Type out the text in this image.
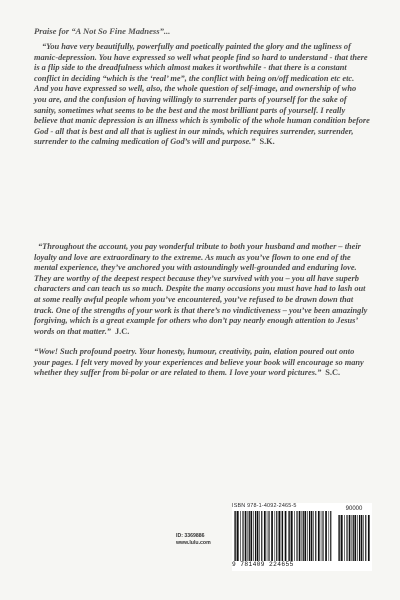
Praise for “A Not So Fine Madness”...

“You have very beautifully, powerfully and poetically painted the glory and the ugliness of manic-depression. You have expressed so well what people find so hard to understand - that there is a flip side to the dreadfulness which almost makes it worthwhile - that there is a constant conflict in deciding “which is the ‘real’ me”, the conflict with being on/off medication etc etc. And you have expressed so well, also, the whole question of self-image, and ownership of who you are, and the confusion of having willingly to surrender parts of yourself for the sake of sanity, sometimes what seems to be the best and the most brilliant parts of yourself. I really believe that manic depression is an illness which is symbolic of the whole human condition before God - all that is best and all that is ugliest in our minds, which requires surrender, surrender, surrender to the calming medication of God’s will and purpose.” S.K.

“Throughout the account, you pay wonderful tribute to both your husband and mother – their loyalty and love are extraordinary to the extreme. As much as you’ve flown to one end of the mental experience, they’ve anchored you with astoundingly well-grounded and enduring love. They are worthy of the deepest respect because they’ve survived with you – you all have superb characters and can teach us so much. Despite the many occasions you must have had to lash out at some really awful people whom you’ve encountered, you’ve refused to be drawn down that track. One of the strengths of your work is that there’s no vindictiveness – you’ve been amazingly forgiving, which is a great example for others who don’t pay nearly enough attention to Jesus’ words on that matter.” J.C.

“Wow! Such profound poetry. Your honesty, humour, creativity, pain, elation poured out onto your pages. I felt very moved by your experiences and believe your book will encourage so many whether they suffer from bi-polar or are related to them. I love your word pictures.” S.C.

ID: 3369886
www.lulu.com
ISBN 978-1-4092-2465-5	90000
9 781409 224655
